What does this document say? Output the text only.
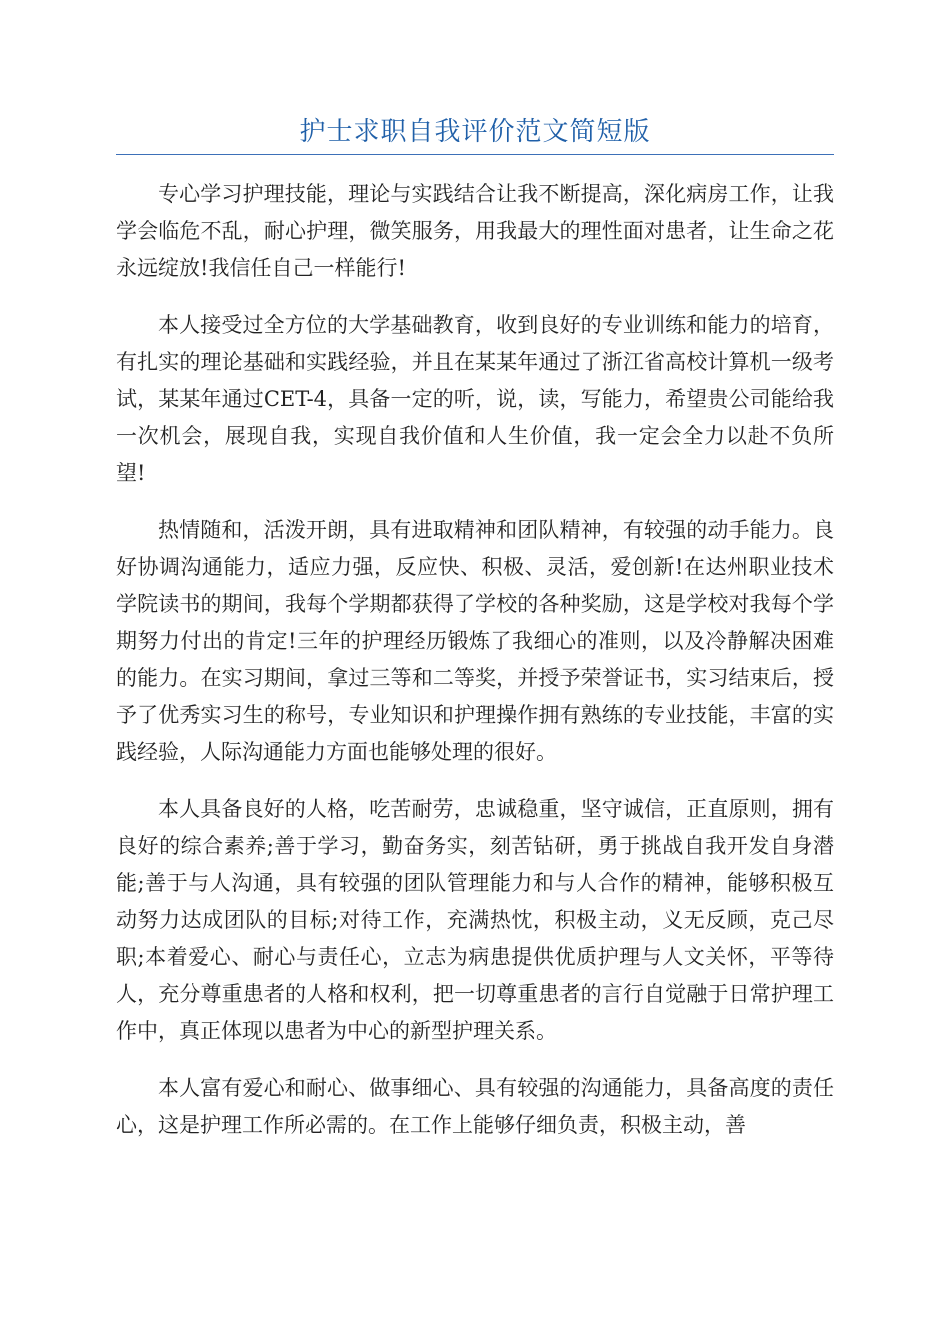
护士求职自我评价范文简短版

专心学习护理技能，理论与实践结合让我不断提高，深化病房工作，让我学会临危不乱，耐心护理，微笑服务，用我最大的理性面对患者，让生命之花永远绽放!我信任自己一样能行!

本人接受过全方位的大学基础教育，收到良好的专业训练和能力的培育，有扎实的理论基础和实践经验，并且在某某年通过了浙江省高校计算机一级考试，某某年通过CET-4，具备一定的听，说，读，写能力，希望贵公司能给我一次机会，展现自我，实现自我价值和人生价值，我一定会全力以赴不负所望!

热情随和，活泼开朗，具有进取精神和团队精神，有较强的动手能力。良好协调沟通能力，适应力强，反应快、积极、灵活，爱创新!在达州职业技术学院读书的期间，我每个学期都获得了学校的各种奖励，这是学校对我每个学期努力付出的肯定!三年的护理经历锻炼了我细心的准则，以及冷静解决困难的能力。在实习期间，拿过三等和二等奖，并授予荣誉证书，实习结束后，授予了优秀实习生的称号，专业知识和护理操作拥有熟练的专业技能，丰富的实践经验，人际沟通能力方面也能够处理的很好。

本人具备良好的人格，吃苦耐劳，忠诚稳重，坚守诚信，正直原则，拥有良好的综合素养;善于学习，勤奋务实，刻苦钻研，勇于挑战自我开发自身潜能;善于与人沟通，具有较强的团队管理能力和与人合作的精神，能够积极互动努力达成团队的目标;对待工作，充满热忱，积极主动，义无反顾，克己尽职;本着爱心、耐心与责任心，立志为病患提供优质护理与人文关怀，平等待人，充分尊重患者的人格和权利，把一切尊重患者的言行自觉融于日常护理工作中，真正体现以患者为中心的新型护理关系。

本人富有爱心和耐心、做事细心、具有较强的沟通能力，具备高度的责任心，这是护理工作所必需的。在工作上能够仔细负责，积极主动，善
